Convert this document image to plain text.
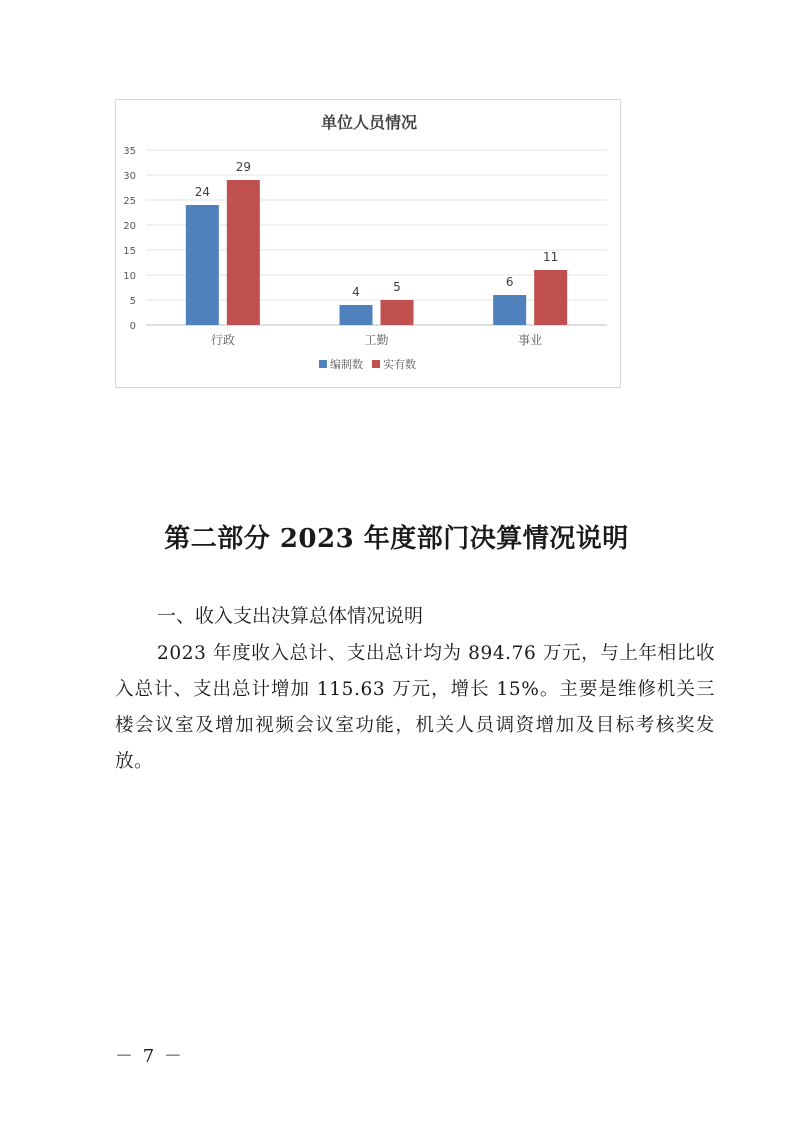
单位人员情况
0
5
10
15
20
25
30
35
24
29
4	5	6
11
行政	工勤	事业
编制数 实有数
第二部分 2023 年度部门决算情况说明
一、收入支出决算总体情况说明
2023 年度收入总计、支出总计均为 894.76 万元，与上年相比收入总计、支出总计增加 115.63 万元，增长 15%。主要是维修机关三楼会议室及增加视频会议室功能，机关人员调资增加及目标考核奖发放。
－ 7 －
